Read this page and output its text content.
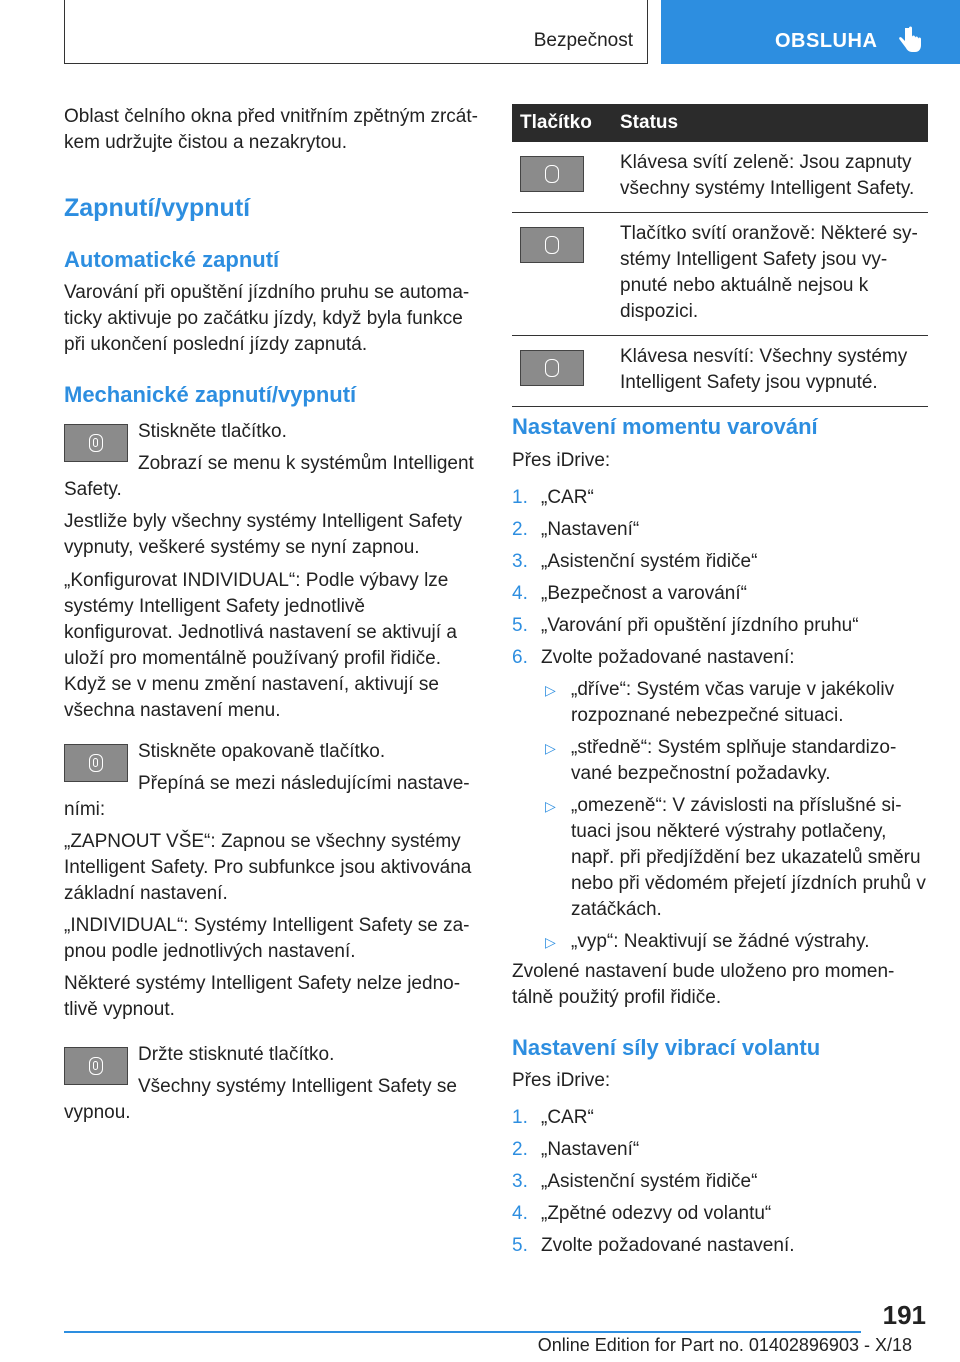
Bezpečnost	OBSLUHA

Oblast čelního okna před vnitřním zpětným zrcátkem udržujte čistou a nezakrytou.

Zapnutí/vypnutí
Automatické zapnutí

Varování při opuštění jízdního pruhu se automaticky aktivuje po začátku jízdy, když byla funkce při ukončení poslední jízdy zapnutá.

Mechanické zapnutí/vypnutí
Stiskněte tlačítko.
Zobrazí se menu k systémům Intelligent Safety.
Jestliže byly všechny systémy Intelligent Safety vypnuty, veškeré systémy se nyní zapnou.
„Konfigurovat INDIVIDUAL“: Podle výbavy lze systémy Intelligent Safety jednotlivě konfigurovat. Jednotlivá nastavení se aktivují a uloží pro momentálně používaný profil řidiče. Když se v menu změní nastavení, aktivují se všechna nastavení menu.
Stiskněte opakovaně tlačítko.
Přepíná se mezi následujícími nastaveními:
„ZAPNOUT VŠE“: Zapnou se všechny systémy Intelligent Safety. Pro subfunkce jsou aktivována základní nastavení.
„INDIVIDUAL“: Systémy Intelligent Safety se zapnou podle jednotlivých nastavení.
Některé systémy Intelligent Safety nelze jednotlivě vypnout.
Držte stisknuté tlačítko.
Všechny systémy Intelligent Safety se vypnou.
Tlačítko	Status

	Klávesa svítí zeleně: Jsou zapnuty všechny systémy Intelligent Safety.

	Tlačítko svítí oranžově: Některé systémy Intelligent Safety jsou vypnuté nebo aktuálně nejsou k dispozici.

	Klávesa nesvítí: Všechny systémy Intelligent Safety jsou vypnuté.
Nastavení momentu varování
Přes iDrive:
1. „CAR“
2. „Nastavení“
3. „Asistenční systém řidiče“
4. „Bezpečnost a varování“
5. „Varování při opuštění jízdního pruhu“
6. Zvolte požadované nastavení:
▷ „dříve“: Systém včas varuje v jakékoliv rozpoznané nebezpečné situaci.
▷ „středně“: Systém splňuje standardizované bezpečnostní požadavky.
▷ „omezeně“: V závislosti na příslušné situaci jsou některé výstrahy potlačeny, např. při předjíždění bez ukazatelů směru nebo při vědomém přejetí jízdních pruhů v zatáčkách.
▷ „vyp“: Neaktivují se žádné výstrahy.
Zvolené nastavení bude uloženo pro momentálně použitý profil řidiče.
Nastavení síly vibrací volantu
Přes iDrive:
1. „CAR“
2. „Nastavení“
3. „Asistenční systém řidiče“
4. „Zpětné odezvy od volantu“
5. Zvolte požadované nastavení.
191
Online Edition for Part no. 01402896903 - X/18
